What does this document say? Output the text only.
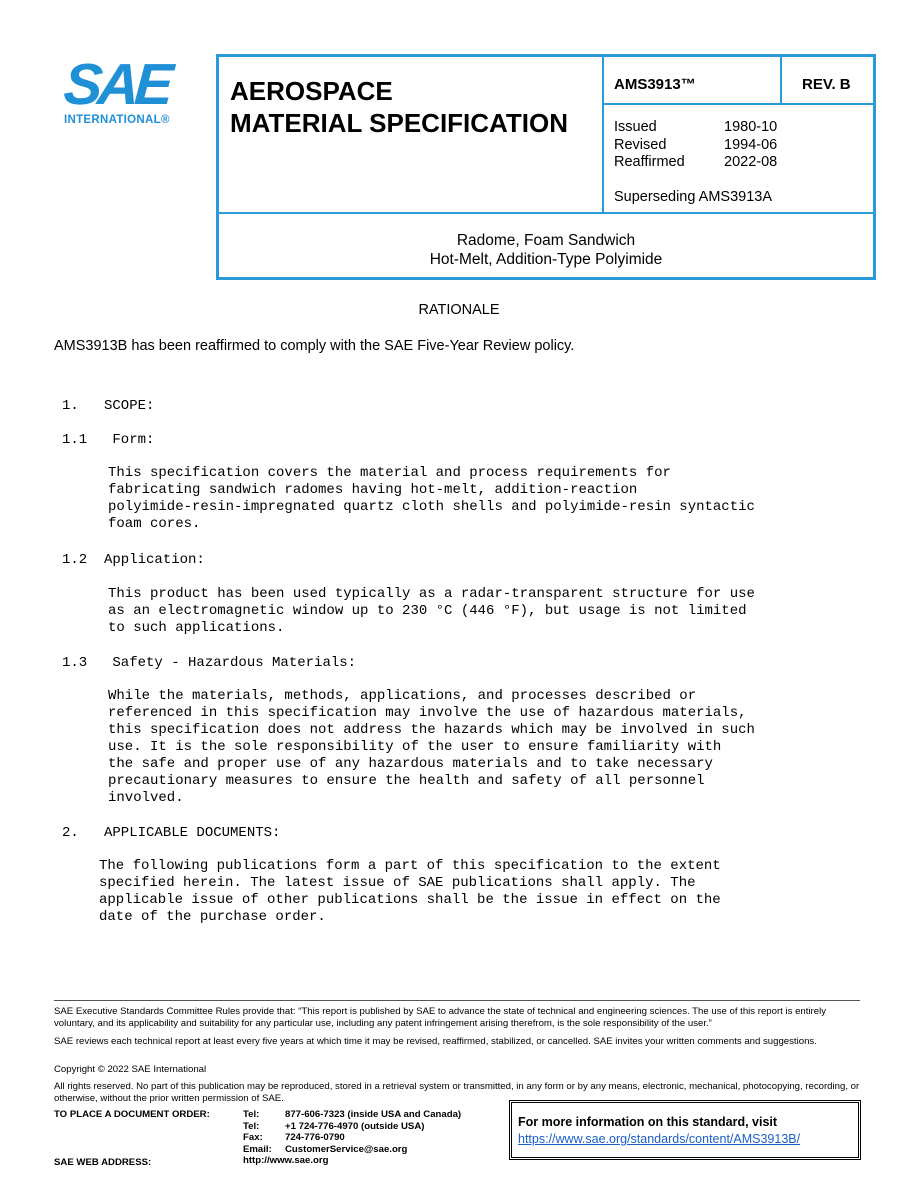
SAE
INTERNATIONAL®
AEROSPACE
MATERIAL SPECIFICATION
AMS3913™	REV. B
Issued	1980-10
Revised	1994-06
Reaffirmed	2022-08
Superseding AMS3913A
Radome, Foam Sandwich
Hot-Melt, Addition-Type Polyimide
RATIONALE
AMS3913B has been reaffirmed to comply with the SAE Five-Year Review policy.
1.   SCOPE:
1.1   Form:
This specification covers the material and process requirements for
fabricating sandwich radomes having hot-melt, addition-reaction
polyimide-resin-impregnated quartz cloth shells and polyimide-resin syntactic
foam cores.
1.2  Application:
This product has been used typically as a radar-transparent structure for use
as an electromagnetic window up to 230 °C (446 °F), but usage is not limited
to such applications.
1.3   Safety - Hazardous Materials:
While the materials, methods, applications, and processes described or
referenced in this specification may involve the use of hazardous materials,
this specification does not address the hazards which may be involved in such
use. It is the sole responsibility of the user to ensure familiarity with
the safe and proper use of any hazardous materials and to take necessary
precautionary measures to ensure the health and safety of all personnel
involved.
2.   APPLICABLE DOCUMENTS:
The following publications form a part of this specification to the extent
specified herein. The latest issue of SAE publications shall apply. The
applicable issue of other publications shall be the issue in effect on the
date of the purchase order.
SAE Executive Standards Committee Rules provide that: “This report is published by SAE to advance the state of technical and engineering sciences. The use of this report is entirely voluntary, and its applicability and suitability for any particular use, including any patent infringement arising therefrom, is the sole responsibility of the user.”
SAE reviews each technical report at least every five years at which time it may be revised, reaffirmed, stabilized, or cancelled. SAE invites your written comments and suggestions.
Copyright © 2022 SAE International
All rights reserved. No part of this publication may be reproduced, stored in a retrieval system or transmitted, in any form or by any means, electronic, mechanical, photocopying, recording, or otherwise, without the prior written permission of SAE.
TO PLACE A DOCUMENT ORDER:
SAE WEB ADDRESS:
Tel:	877-606-7323 (inside USA and Canada)
Tel:	+1 724-776-4970 (outside USA)
Fax:	724-776-0790
Email:	CustomerService@sae.org
http://www.sae.org
For more information on this standard, visit
https://www.sae.org/standards/content/AMS3913B/
